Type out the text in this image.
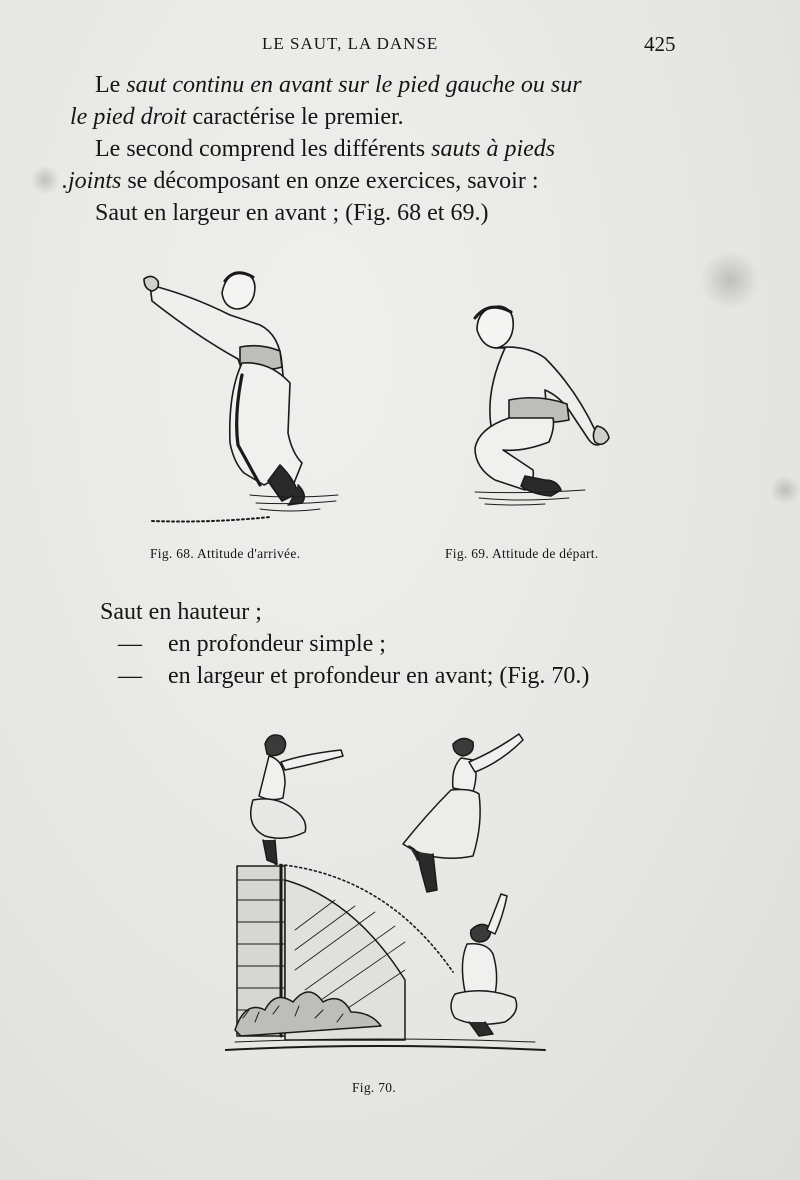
LE SAUT, LA DANSE	425
Le saut continu en avant sur le pied gauche ou sur
le pied droit caractérise le premier.
Le second comprend les différents sauts à pieds
.joints se décomposant en onze exercices, savoir :
Saut en largeur en avant ; (Fig. 68 et 69.)
Fig. 68. Attitude d'arrivée.	Fig. 69. Attitude de départ.
Saut en hauteur ;
— en profondeur simple ;
— en largeur et profondeur en avant; (Fig. 70.)
Fig. 70.
